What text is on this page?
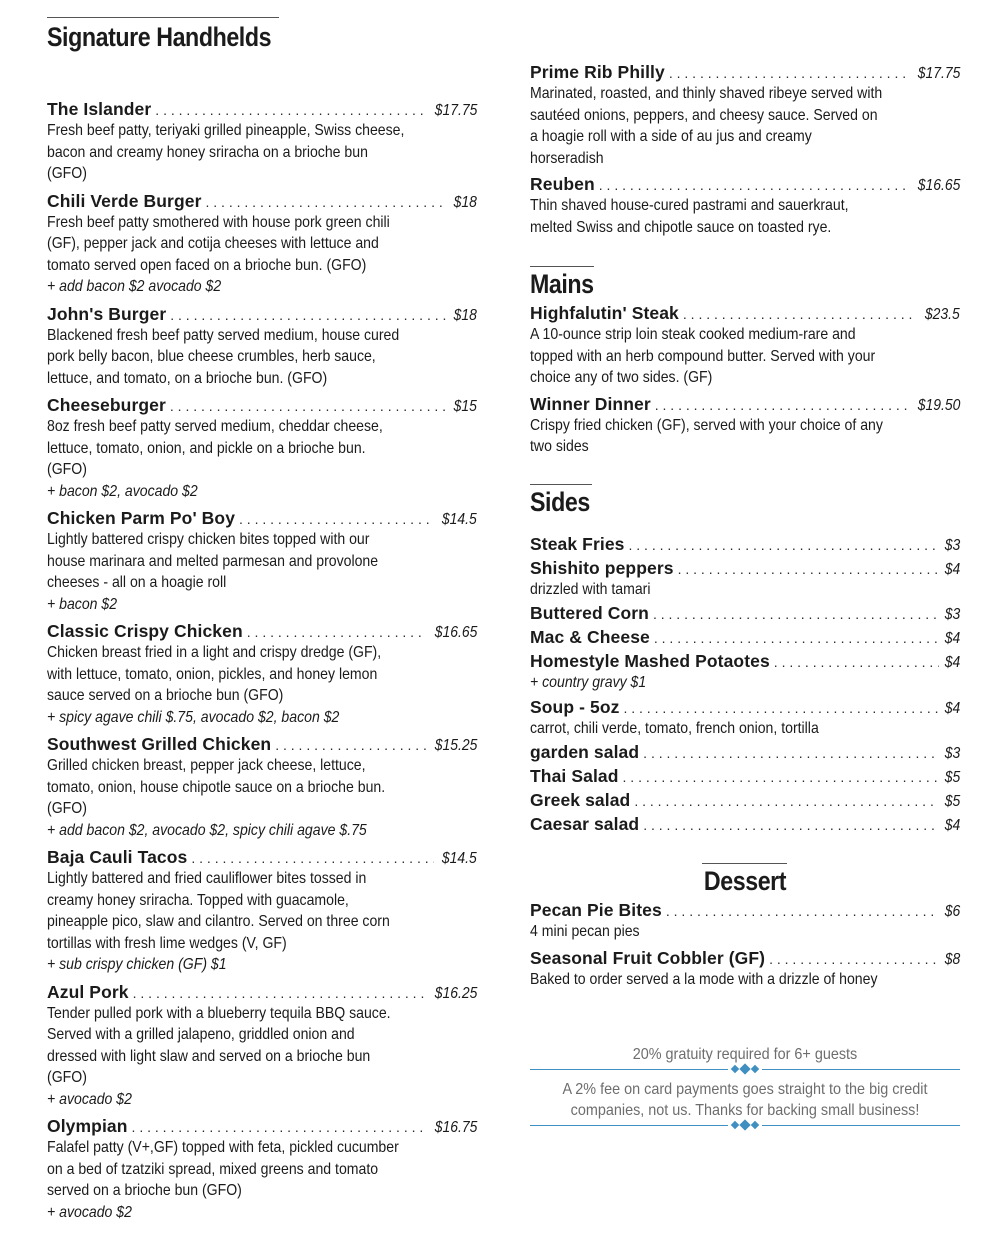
Signature Handhelds
The Islander . . .	$17.75
Fresh beef patty, teriyaki grilled pineapple, Swiss cheese,
bacon and creamy honey sriracha on a brioche bun
(GFO)
Chili Verde Burger . . .	$18
Fresh beef patty smothered with house pork green chili
(GF), pepper jack and cotija cheeses with lettuce and
tomato served open faced on a brioche bun. (GFO)
+ add bacon $2 avocado $2
John's Burger . . .	$18
Blackened fresh beef patty served medium, house cured
pork belly bacon, blue cheese crumbles, herb sauce,
lettuce, and tomato, on a brioche bun. (GFO)
Cheeseburger . . .	$15
8oz fresh beef patty served medium, cheddar cheese,
lettuce, tomato, onion, and pickle on a brioche bun.
(GFO)
+ bacon $2, avocado $2
Chicken Parm Po' Boy . . .	$14.5
Lightly battered crispy chicken bites topped with our
house marinara and melted parmesan and provolone
cheeses - all on a hoagie roll
+ bacon $2
Classic Crispy Chicken . . .	$16.65
Chicken breast fried in a light and crispy dredge (GF),
with lettuce, tomato, onion, pickles, and honey lemon
sauce served on a brioche bun (GFO)
+ spicy agave chili $.75, avocado $2, bacon $2
Southwest Grilled Chicken . . .	$15.25
Grilled chicken breast, pepper jack cheese, lettuce,
tomato, onion, house chipotle sauce on a brioche bun.
(GFO)
+ add bacon $2, avocado $2, spicy chili agave $.75
Baja Cauli Tacos . . .	$14.5
Lightly battered and fried cauliflower bites tossed in
creamy honey sriracha. Topped with guacamole,
pineapple pico, slaw and cilantro. Served on three corn
tortillas with fresh lime wedges (V, GF)
+ sub crispy chicken (GF) $1
Azul Pork . . .	$16.25
Tender pulled pork with a blueberry tequila BBQ sauce.
Served with a grilled jalapeno, griddled onion and
dressed with light slaw and served on a brioche bun
(GFO)
+ avocado $2
Olympian . . .	$16.75
Falafel patty (V+,GF) topped with feta, pickled cucumber
on a bed of tzatziki spread, mixed greens and tomato
served on a brioche bun (GFO)
+ avocado $2
Prime Rib Philly . . .	$17.75
Marinated, roasted, and thinly shaved ribeye served with
sautéed onions, peppers, and cheesy sauce. Served on
a hoagie roll with a side of au jus and creamy
horseradish
Reuben . . .	$16.65
Thin shaved house-cured pastrami and sauerkraut,
melted Swiss and chipotle sauce on toasted rye.
Mains
Highfalutin' Steak . . .	$23.5
A 10-ounce strip loin steak cooked medium-rare and
topped with an herb compound butter. Served with your
choice any of two sides. (GF)
Winner Dinner . . .	$19.50
Crispy fried chicken (GF), served with your choice of any
two sides
Sides
Steak Fries . . .	$3
Shishito peppers . . .	$4
drizzled with tamari
Buttered Corn . . .	$3
Mac & Cheese . . .	$4
Homestyle Mashed Potaotes . . .	$4
+ country gravy $1
Soup - 5oz . . .	$4
carrot, chili verde, tomato, french onion, tortilla
garden salad . . .	$3
Thai Salad . . .	$5
Greek salad . . .	$5
Caesar salad . . .	$4
Dessert
Pecan Pie Bites . . .	$6
4 mini pecan pies
Seasonal Fruit Cobbler (GF) . . .	$8
Baked to order served a la mode with a drizzle of honey
20% gratuity required for 6+ guests
A 2% fee on card payments goes straight to the big credit
companies, not us. Thanks for backing small business!
